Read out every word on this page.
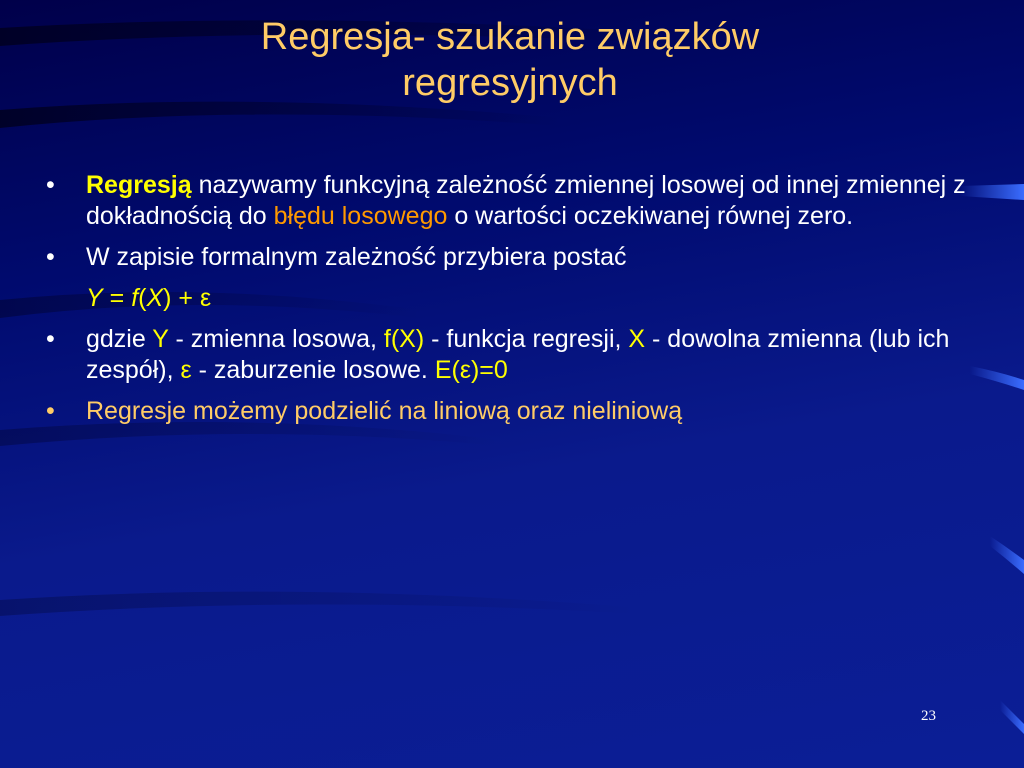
Regresja- szukanie związków
regresyjnych
•	Regresją nazywamy funkcyjną zależność zmiennej losowej od innej zmiennej z dokładnością do błędu losowego o wartości oczekiwanej równej zero.
•	W zapisie formalnym zależność przybiera postać
Y = f(X) + ε
•	gdzie Y - zmienna losowa, f(X) - funkcja regresji, X - dowolna zmienna (lub ich zespół), ε - zaburzenie losowe. E(ε)=0
•	Regresje możemy podzielić na liniową oraz nieliniową
23
